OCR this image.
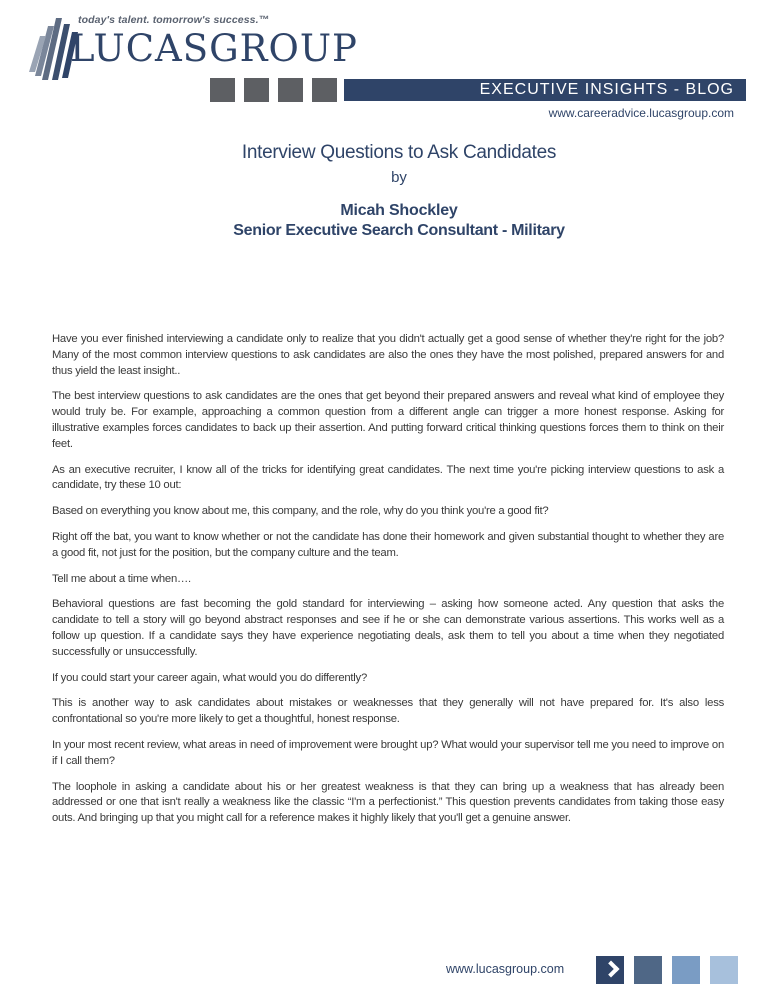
today's talent. tomorrow's success.™
LUCASGROUP
EXECUTIVE INSIGHTS - BLOG
www.careeradvice.lucasgroup.com
Interview Questions to Ask Candidates
by
Micah Shockley
Senior Executive Search Consultant - Military

Have you ever finished interviewing a candidate only to realize that you didn't actually get a good sense of whether they're right for the job? Many of the most common interview questions to ask candidates are also the ones they have the most polished, prepared answers for and thus yield the least insight..

The best interview questions to ask candidates are the ones that get beyond their prepared answers and reveal what kind of employee they would truly be. For example, approaching a common question from a different angle can trigger a more honest response. Asking for illustrative examples forces candidates to back up their assertion. And putting forward critical thinking questions forces them to think on their feet.

As an executive recruiter, I know all of the tricks for identifying great candidates. The next time you're picking interview questions to ask a candidate, try these 10 out:

Based on everything you know about me, this company, and the role, why do you think you're a good fit?

Right off the bat, you want to know whether or not the candidate has done their homework and given substantial thought to whether they are a good fit, not just for the position, but the company culture and the team.

Tell me about a time when….

Behavioral questions are fast becoming the gold standard for interviewing – asking how someone acted. Any question that asks the candidate to tell a story will go beyond abstract responses and see if he or she can demonstrate various assertions. This works well as a follow up question. If a candidate says they have experience negotiating deals, ask them to tell you about a time when they negotiated successfully or unsuccessfully.

If you could start your career again, what would you do differently?

This is another way to ask candidates about mistakes or weaknesses that they generally will not have prepared for. It's also less confrontational so you're more likely to get a thoughtful, honest response.

In your most recent review, what areas in need of improvement were brought up? What would your supervisor tell me you need to improve on if I call them?

The loophole in asking a candidate about his or her greatest weakness is that they can bring up a weakness that has already been addressed or one that isn't really a weakness like the classic “I'm a perfectionist.” This question prevents candidates from taking those easy outs. And bringing up that you might call for a reference makes it highly likely that you'll get a genuine answer.

www.lucasgroup.com
